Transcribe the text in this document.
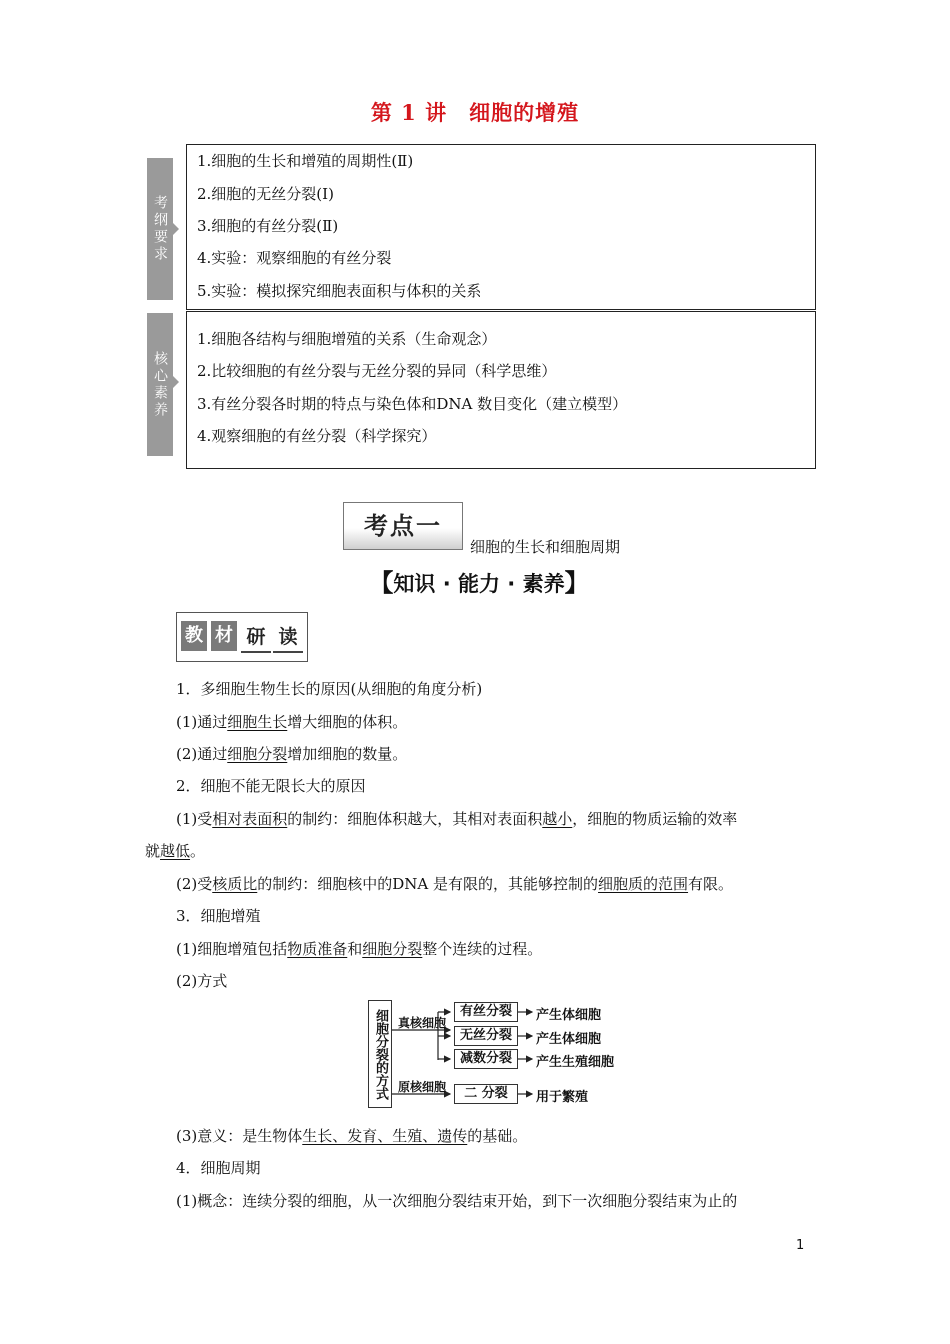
第 1 讲　细胞的增殖
考纲要求
1.细胞的生长和增殖的周期性(Ⅱ)
2.细胞的无丝分裂(Ⅰ)
3.细胞的有丝分裂(Ⅱ)
4.实验：观察细胞的有丝分裂
5.实验：模拟探究细胞表面积与体积的关系
核心素养
1.细胞各结构与细胞增殖的关系（生命观念）
2.比较细胞的有丝分裂与无丝分裂的异同（科学思维）
3.有丝分裂各时期的特点与染色体和DNA 数目变化（建立模型）
4.观察细胞的有丝分裂（科学探究）
考点一
细胞的生长和细胞周期
【知识 · 能力 · 素养】
教 材 研 读
1．多细胞生物生长的原因(从细胞的角度分析)
(1)通过细胞生长增大细胞的体积。
(2)通过细胞分裂增加细胞的数量。
2．细胞不能无限长大的原因
(1)受相对表面积的制约：细胞体积越大，其相对表面积越小，细胞的物质运输的效率
就越低。
(2)受核质比的制约：细胞核中的DNA 是有限的，其能够控制的细胞质的范围有限。
3．细胞增殖
(1)细胞增殖包括物质准备和细胞分裂整个连续的过程。
(2)方式
细胞分裂的方式 真核细胞
原核细胞
有丝分裂
无丝分裂
减数分裂
二 分裂
产生体细胞
产生体细胞
产生生殖细胞
用于繁殖
(3)意义：是生物体生长、发育、生殖、遗传的基础。
4．细胞周期
(1)概念：连续分裂的细胞，从一次细胞分裂结束开始，到下一次细胞分裂结束为止的
1
